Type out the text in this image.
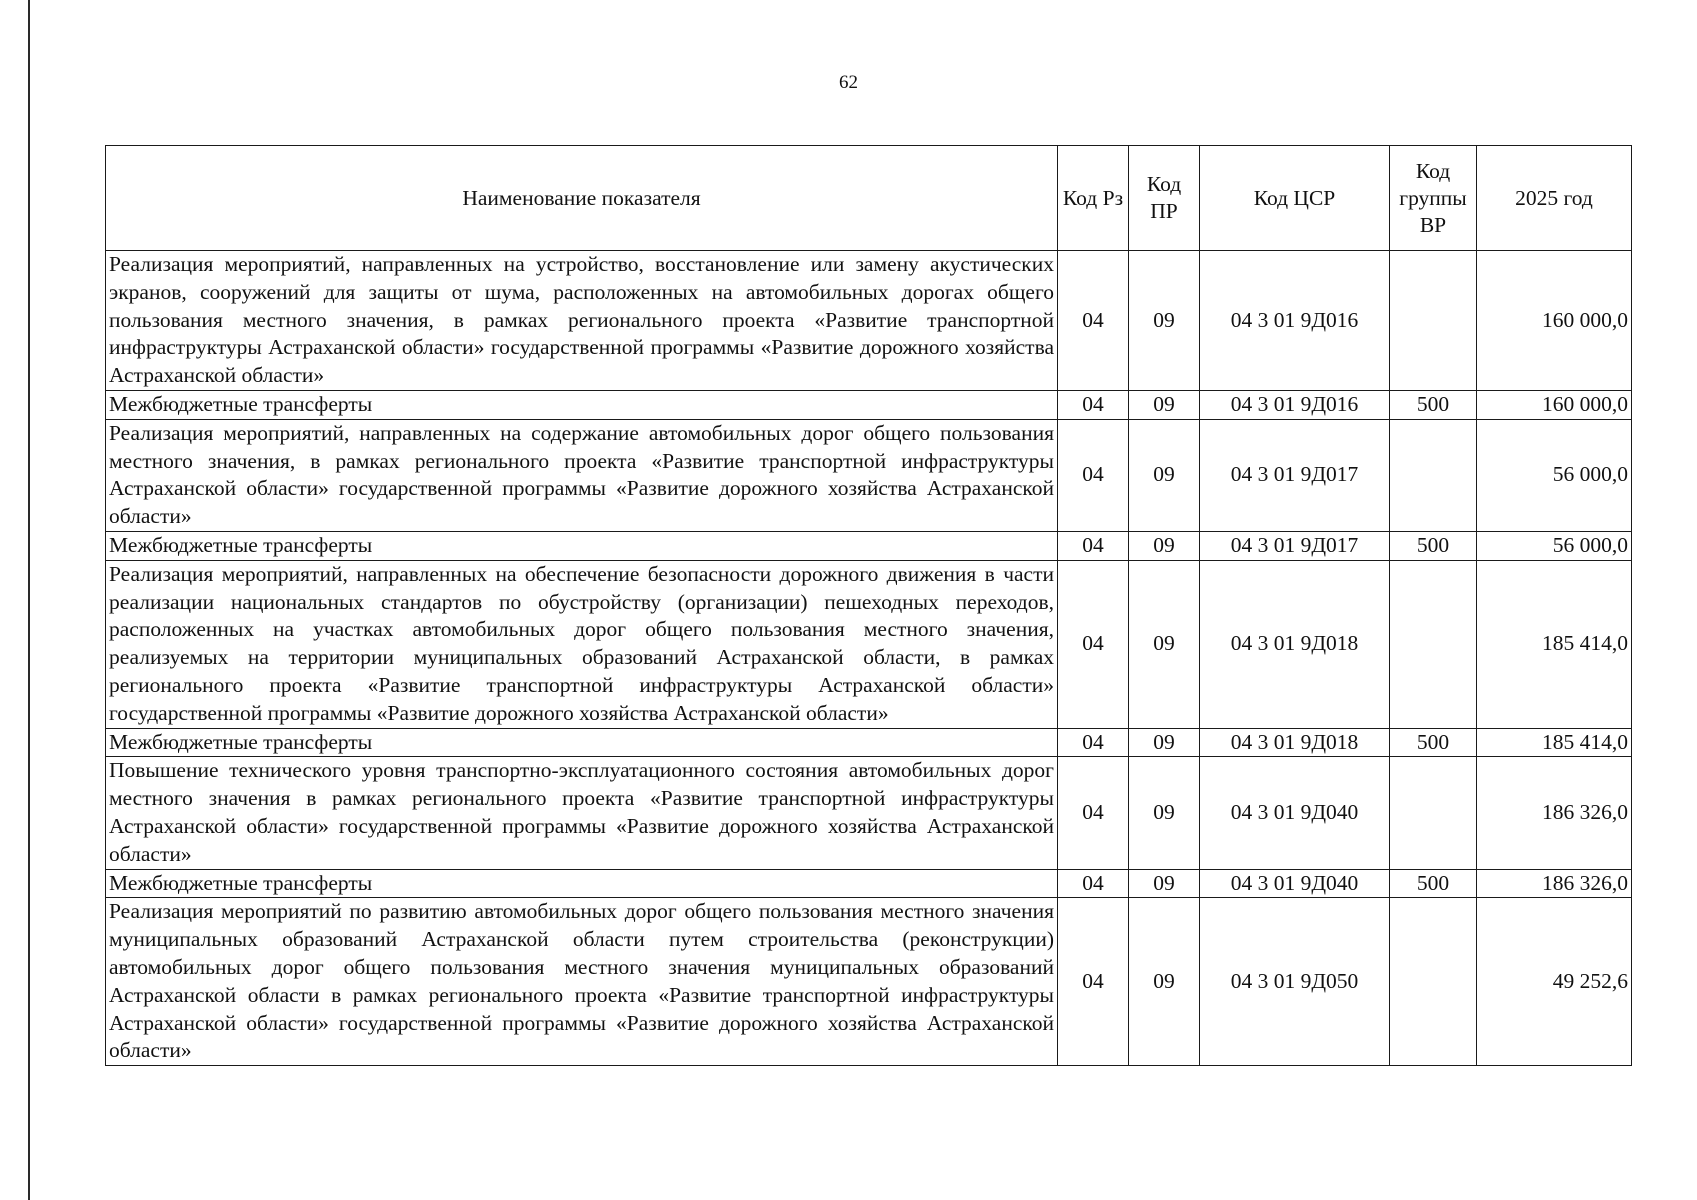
62
Наименование показателя	Код Рз	Код ПР	Код ЦСР	Код группы ВР	2025 год
Реализация мероприятий, направленных на устройство, восстановление или замену акустических экранов, сооружений для защиты от шума, расположенных на автомобильных дорогах общего пользования местного значения, в рамках регионального проекта «Развитие транспортной инфраструктуры Астраханской области» государственной программы «Развитие дорожного хозяйства Астраханской области»	04	09	04 3 01 9Д016		160 000,0
Межбюджетные трансферты	04	09	04 3 01 9Д016	500	160 000,0
Реализация мероприятий, направленных на содержание автомобильных дорог общего пользования местного значения, в рамках регионального проекта «Развитие транспортной инфраструктуры Астраханской области» государственной программы «Развитие дорожного хозяйства Астраханской области»	04	09	04 3 01 9Д017		56 000,0
Межбюджетные трансферты	04	09	04 3 01 9Д017	500	56 000,0
Реализация мероприятий, направленных на обеспечение безопасности дорожного движения в части реализации национальных стандартов по обустройству (организации) пешеходных переходов, расположенных на участках автомобильных дорог общего пользования местного значения, реализуемых на территории муниципальных образований Астраханской области, в рамках регионального проекта «Развитие транспортной инфраструктуры Астраханской области» государственной программы «Развитие дорожного хозяйства Астраханской области»	04	09	04 3 01 9Д018		185 414,0
Межбюджетные трансферты	04	09	04 3 01 9Д018	500	185 414,0
Повышение технического уровня транспортно-эксплуатационного состояния автомобильных дорог местного значения в рамках регионального проекта «Развитие транспортной инфраструктуры Астраханской области» государственной программы «Развитие дорожного хозяйства Астраханской области»	04	09	04 3 01 9Д040		186 326,0
Межбюджетные трансферты	04	09	04 3 01 9Д040	500	186 326,0
Реализация мероприятий по развитию автомобильных дорог общего пользования местного значения муниципальных образований Астраханской области путем строительства (реконструкции) автомобильных дорог общего пользования местного значения муниципальных образований Астраханской области в рамках регионального проекта «Развитие транспортной инфраструктуры Астраханской области» государственной программы «Развитие дорожного хозяйства Астраханской области»	04	09	04 3 01 9Д050		49 252,6
